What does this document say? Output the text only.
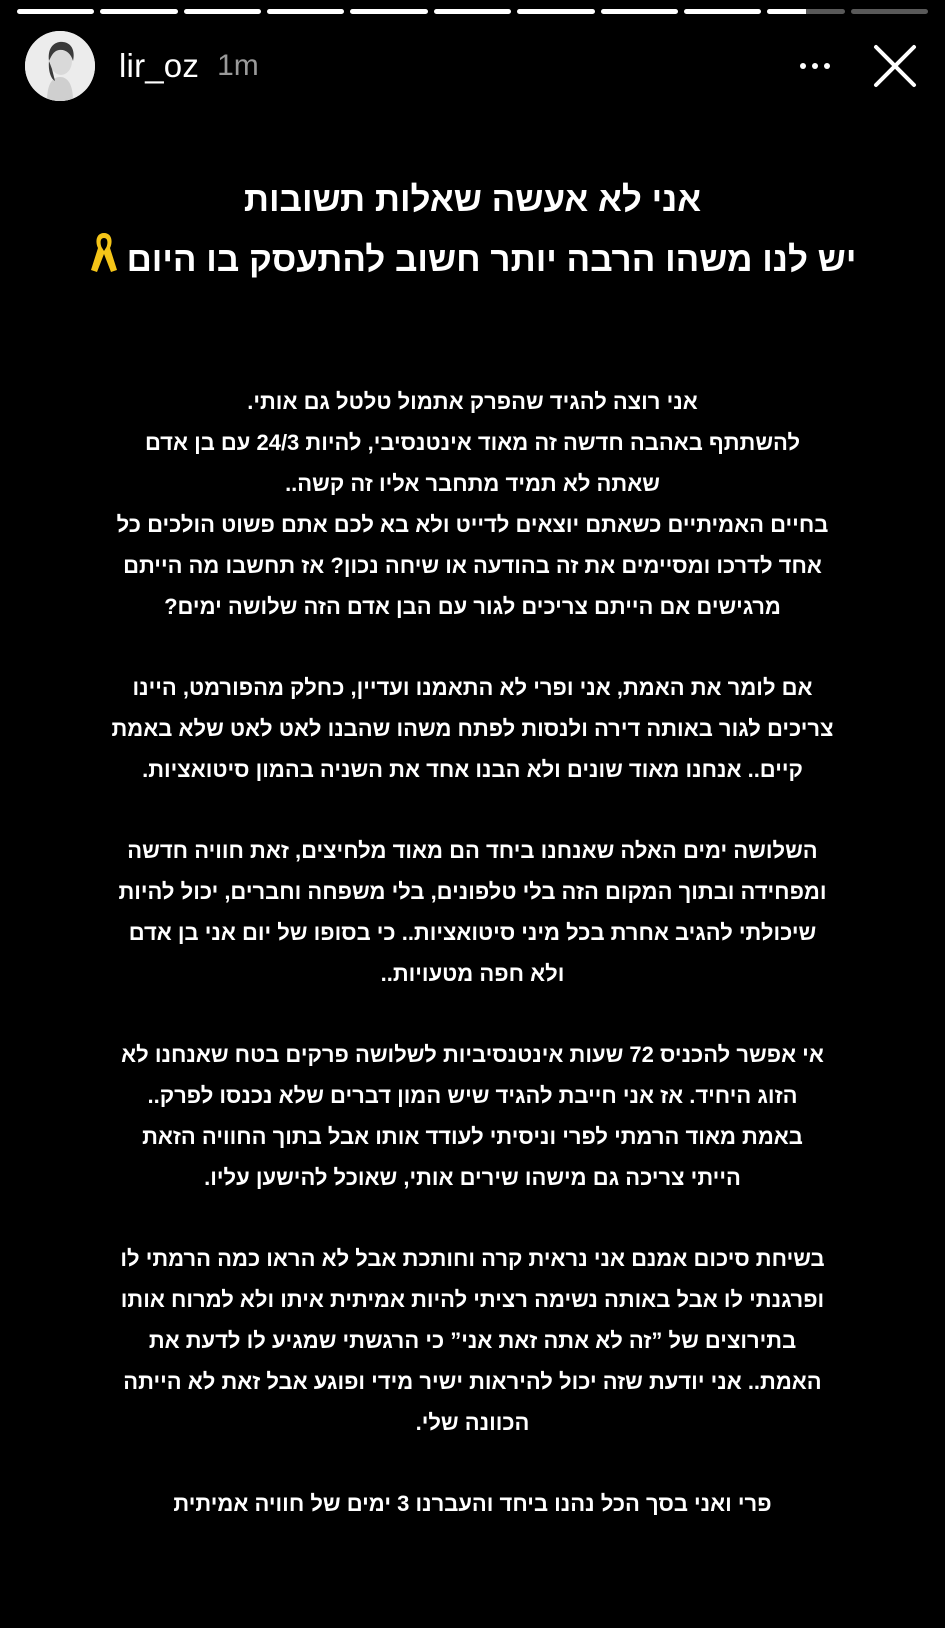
lir_oz 1m
אני לא אעשה שאלות תשובות
יש לנו משהו הרבה יותר חשוב להתעסק בו היום
אני רוצה להגיד שהפרק אתמול טלטל גם אותי.
להשתתף באהבה חדשה זה מאוד אינטנסיבי, להיות 24/3 עם בן אדם
שאתה לא תמיד מתחבר אליו זה קשה..
בחיים האמיתיים כשאתם יוצאים לדייט ולא בא לכם אתם פשוט הולכים כל
אחד לדרכו ומסיימים את זה בהודעה או שיחה נכון? אז תחשבו מה הייתם
מרגישים אם הייתם צריכים לגור עם הבן אדם הזה שלושה ימים?
אם לומר את האמת, אני ופרי לא התאמנו ועדיין, כחלק מהפורמט, היינו
צריכים לגור באותה דירה ולנסות לפתח משהו שהבנו לאט לאט שלא באמת
קיים.. אנחנו מאוד שונים ולא הבנו אחד את השניה בהמון סיטואציות.
השלושה ימים האלה שאנחנו ביחד הם מאוד מלחיצים, זאת חוויה חדשה
ומפחידה ובתוך המקום הזה בלי טלפונים, בלי משפחה וחברים, יכול להיות
שיכולתי להגיב אחרת בכל מיני סיטואציות.. כי בסופו של יום אני בן אדם
ולא חפה מטעויות..
אי אפשר להכניס 72 שעות אינטנסיביות לשלושה פרקים בטח שאנחנו לא
הזוג היחיד. אז אני חייבת להגיד שיש המון דברים שלא נכנסו לפרק..
באמת מאוד הרמתי לפרי וניסיתי לעודד אותו אבל בתוך החוויה הזאת
הייתי צריכה גם מישהו שירים אותי, שאוכל להישען עליו.
בשיחת סיכום אמנם אני נראית קרה וחותכת אבל לא הראו כמה הרמתי לו
ופרגנתי לו אבל באותה נשימה רציתי להיות אמיתית איתו ולא למרוח אותו
בתירוצים של ”זה לא אתה זאת אני” כי הרגשתי שמגיע לו לדעת את
האמת.. אני יודעת שזה יכול להיראות ישיר מידי ופוגע אבל זאת לא הייתה
הכוונה שלי.
פרי ואני בסך הכל נהנו ביחד והעברנו 3 ימים של חוויה אמיתית
